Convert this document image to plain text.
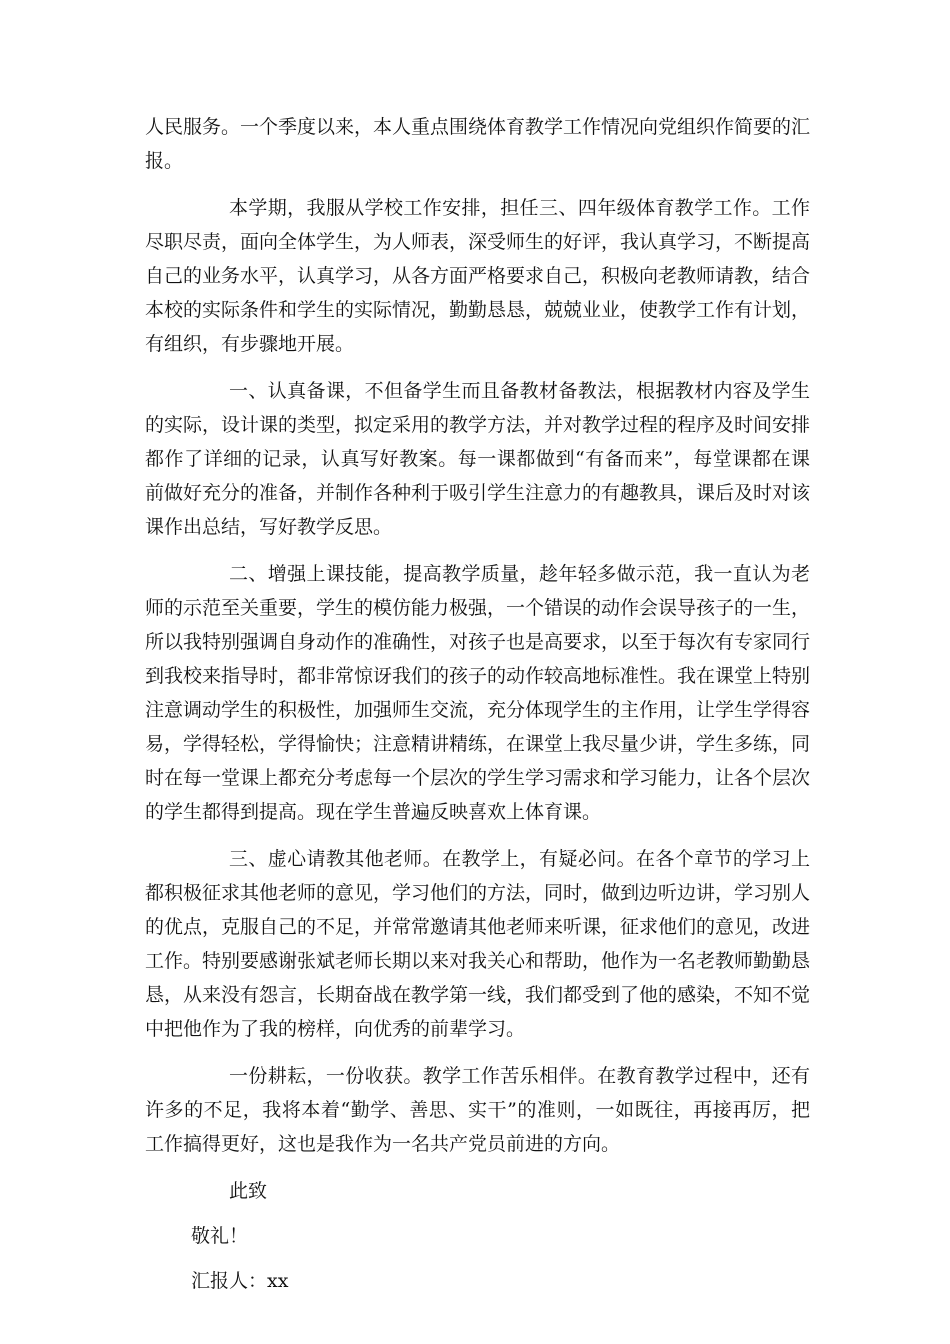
人民服务。一个季度以来，本人重点围绕体育教学工作情况向党组织作简要的汇报。

本学期，我服从学校工作安排，担任三、四年级体育教学工作。工作尽职尽责，面向全体学生，为人师表，深受师生的好评，我认真学习，不断提高自己的业务水平，认真学习，从各方面严格要求自己，积极向老教师请教，结合本校的实际条件和学生的实际情况，勤勤恳恳，兢兢业业，使教学工作有计划，有组织，有步骤地开展。

一、认真备课，不但备学生而且备教材备教法，根据教材内容及学生的实际，设计课的类型，拟定采用的教学方法，并对教学过程的程序及时间安排都作了详细的记录，认真写好教案。每一课都做到“有备而来”，每堂课都在课前做好充分的准备，并制作各种利于吸引学生注意力的有趣教具，课后及时对该课作出总结，写好教学反思。

二、增强上课技能，提高教学质量，趁年轻多做示范，我一直认为老师的示范至关重要，学生的模仿能力极强，一个错误的动作会误导孩子的一生，所以我特别强调自身动作的准确性，对孩子也是高要求，以至于每次有专家同行到我校来指导时，都非常惊讶我们的孩子的动作较高地标准性。我在课堂上特别注意调动学生的积极性，加强师生交流，充分体现学生的主作用，让学生学得容易，学得轻松，学得愉快；注意精讲精练，在课堂上我尽量少讲，学生多练，同时在每一堂课上都充分考虑每一个层次的学生学习需求和学习能力，让各个层次的学生都得到提高。现在学生普遍反映喜欢上体育课。

三、虚心请教其他老师。在教学上，有疑必问。在各个章节的学习上都积极征求其他老师的意见，学习他们的方法，同时，做到边听边讲，学习别人的优点，克服自己的不足，并常常邀请其他老师来听课，征求他们的意见，改进工作。特别要感谢张斌老师长期以来对我关心和帮助，他作为一名老教师勤勤恳恳，从来没有怨言，长期奋战在教学第一线，我们都受到了他的感染，不知不觉中把他作为了我的榜样，向优秀的前辈学习。

一份耕耘，一份收获。教学工作苦乐相伴。在教育教学过程中，还有许多的不足，我将本着“勤学、善思、实干”的准则，一如既往，再接再厉，把工作搞得更好，这也是我作为一名共产党员前进的方向。

此致
敬礼！
汇报人：xx
